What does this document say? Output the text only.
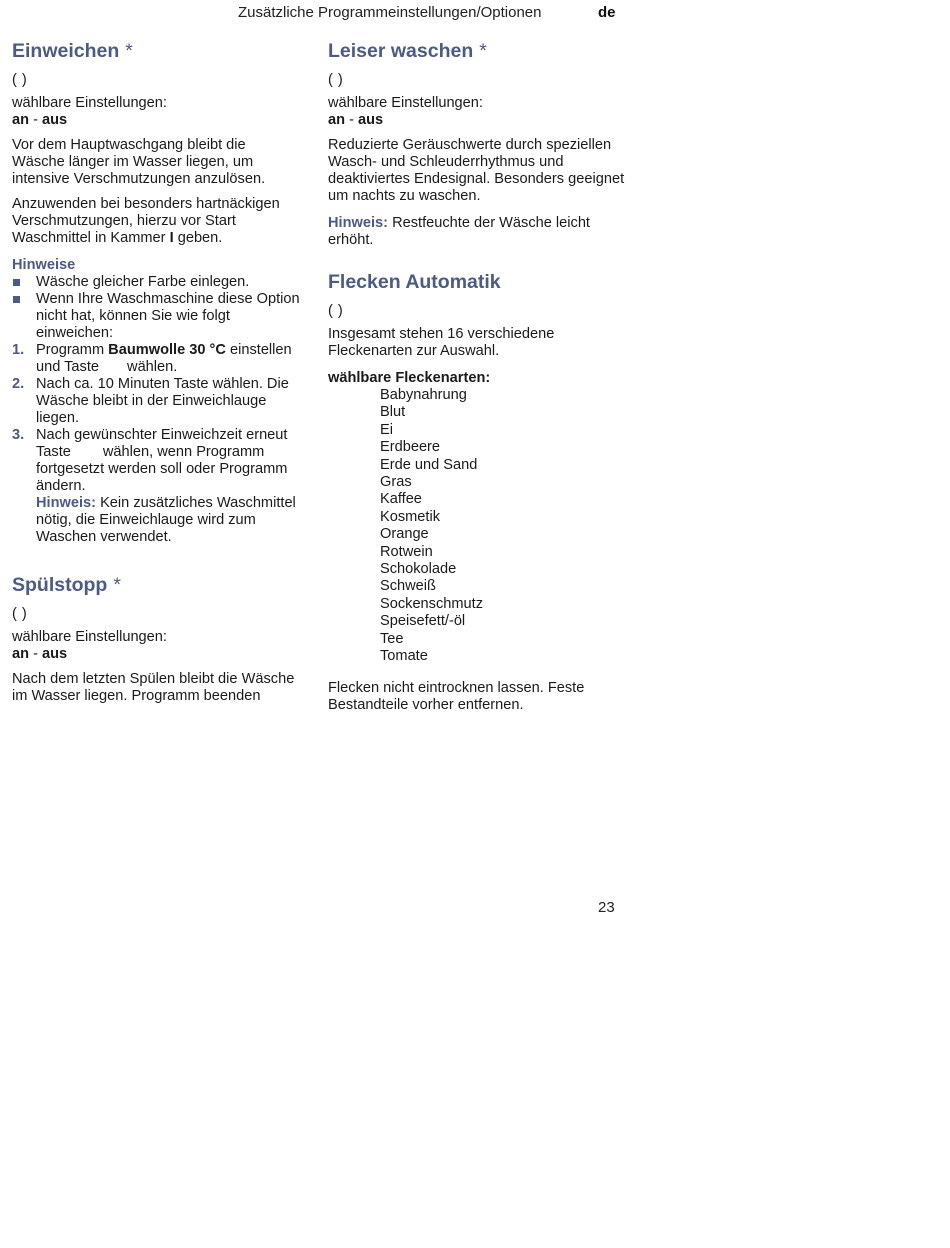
Zusätzliche Programmeinstellungen/Optionen	de
Einweichen *

( )

wählbare Einstellungen:

an - aus

Vor dem Hauptwaschgang bleibt die Wäsche länger im Wasser liegen, um intensive Verschmutzungen anzulösen.

Anzuwenden bei besonders hartnäckigen Verschmutzungen, hierzu vor Start Waschmittel in Kammer I geben.

Hinweise
Wäsche gleicher Farbe einlegen.
Wenn Ihre Waschmaschine diese Option nicht hat, können Sie wie folgt einweichen:
1. Programm Baumwolle 30 °C einstellen und Taste wählen.
2. Nach ca. 10 Minuten Taste wählen. Die Wäsche bleibt in der Einweichlauge liegen.
3. Nach gewünschter Einweichzeit erneut Taste wählen, wenn Programm fortgesetzt werden soll oder Programm ändern.
Hinweis: Kein zusätzliches Waschmittel nötig, die Einweichlauge wird zum Waschen verwendet.
Spülstopp *

( )

wählbare Einstellungen:

an - aus

Nach dem letzten Spülen bleibt die Wäsche im Wasser liegen. Programm beenden

Leiser waschen *

( )

wählbare Einstellungen:

an - aus

Reduzierte Geräuschwerte durch speziellen Wasch- und Schleuderrhythmus und deaktiviertes Endesignal. Besonders geeignet um nachts zu waschen.

Hinweis: Restfeuchte der Wäsche leicht erhöht.

Flecken Automatik

( )

Insgesamt stehen 16 verschiedene Fleckenarten zur Auswahl.

wählbare Fleckenarten:

Babynahrung
Blut
Ei
Erdbeere
Erde und Sand
Gras
Kaffee
Kosmetik
Orange
Rotwein
Schokolade
Schweiß
Sockenschmutz
Speisefett/-öl
Tee
Tomate

Flecken nicht eintrocknen lassen. Feste Bestandteile vorher entfernen.

23
